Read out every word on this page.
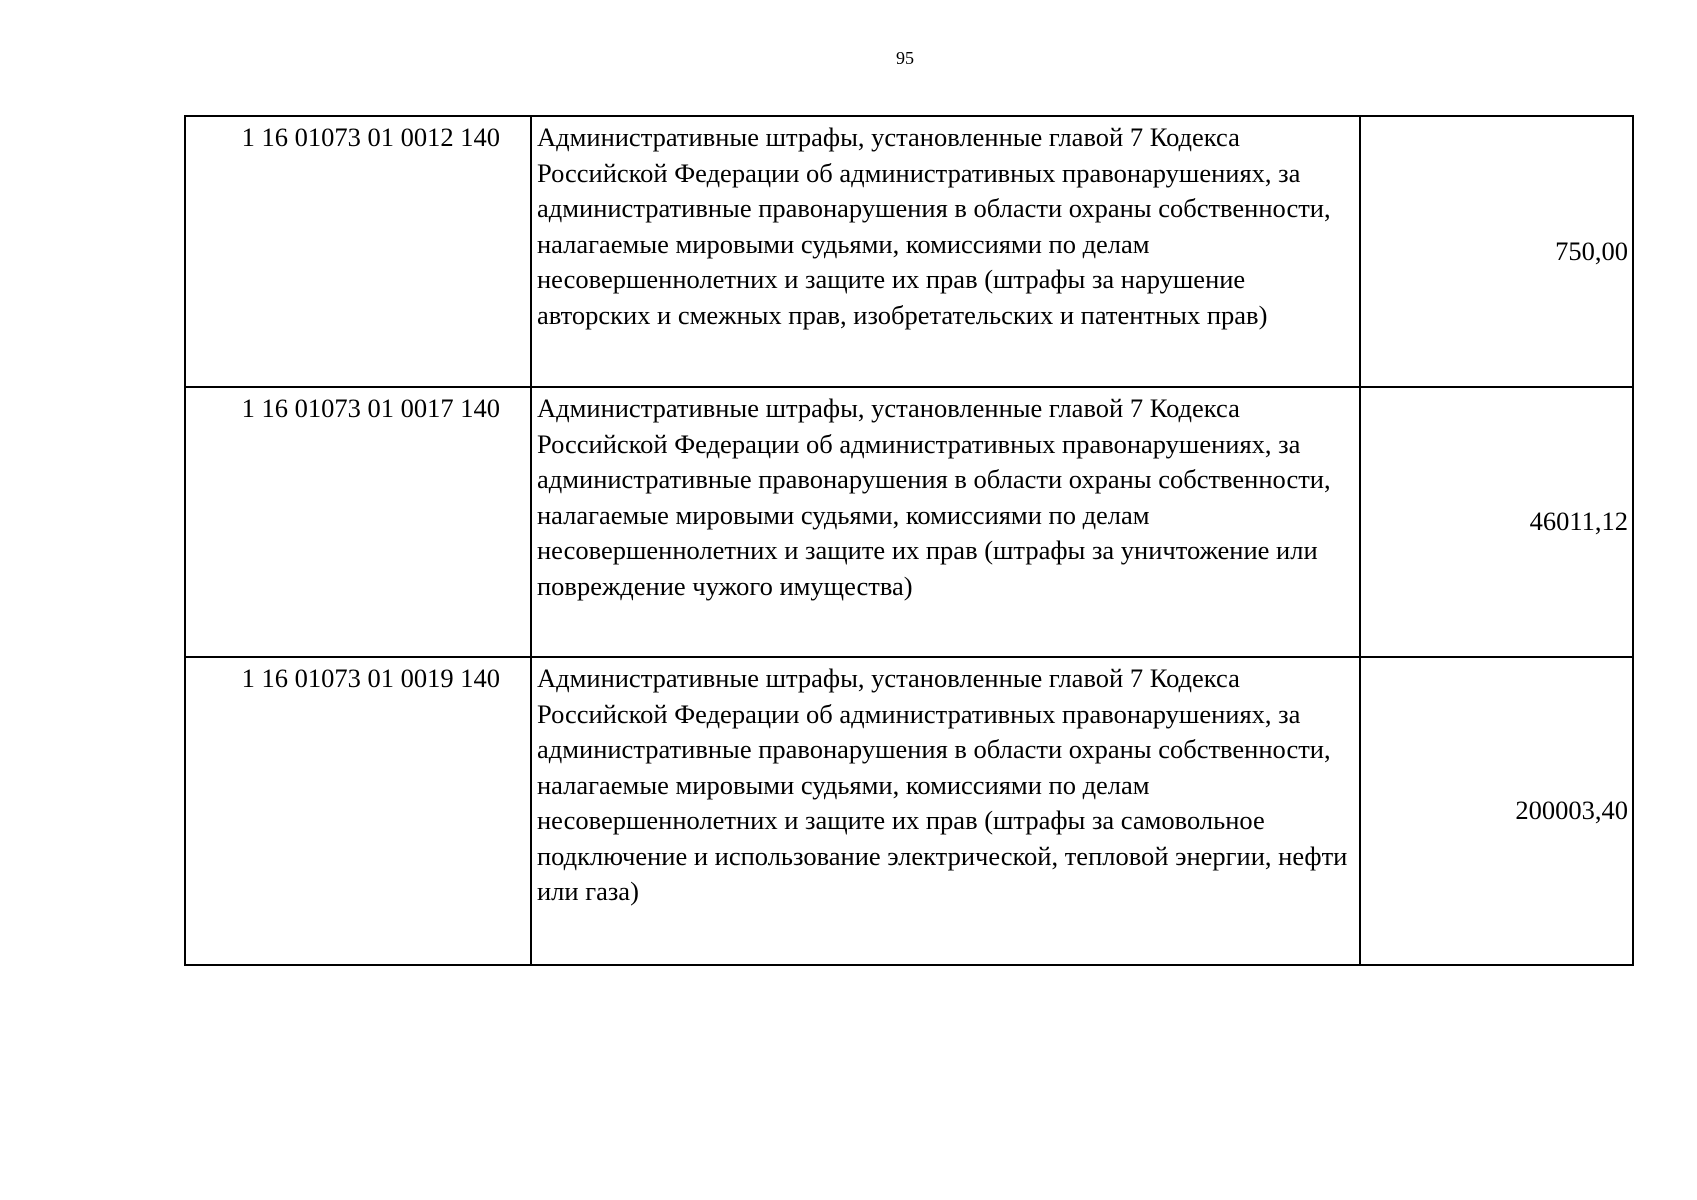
95
1 16 01073 01 0012 140	Административные штрафы, установленные главой 7 Кодекса Российской Федерации об административных правонарушениях, за административные правонарушения в области охраны собственности, налагаемые мировыми судьями, комиссиями по делам несовершеннолетних и защите их прав (штрафы за нарушение авторских и смежных прав, изобретательских и патентных прав)	750,00
1 16 01073 01 0017 140	Административные штрафы, установленные главой 7 Кодекса Российской Федерации об административных правонарушениях, за административные правонарушения в области охраны собственности, налагаемые мировыми судьями, комиссиями по делам несовершеннолетних и защите их прав (штрафы за уничтожение или повреждение чужого имущества)	46011,12
1 16 01073 01 0019 140	Административные штрафы, установленные главой 7 Кодекса Российской Федерации об административных правонарушениях, за административные правонарушения в области охраны собственности, налагаемые мировыми судьями, комиссиями по делам несовершеннолетних и защите их прав (штрафы за самовольное подключение и использование электрической, тепловой энергии, нефти или газа)	200003,40
